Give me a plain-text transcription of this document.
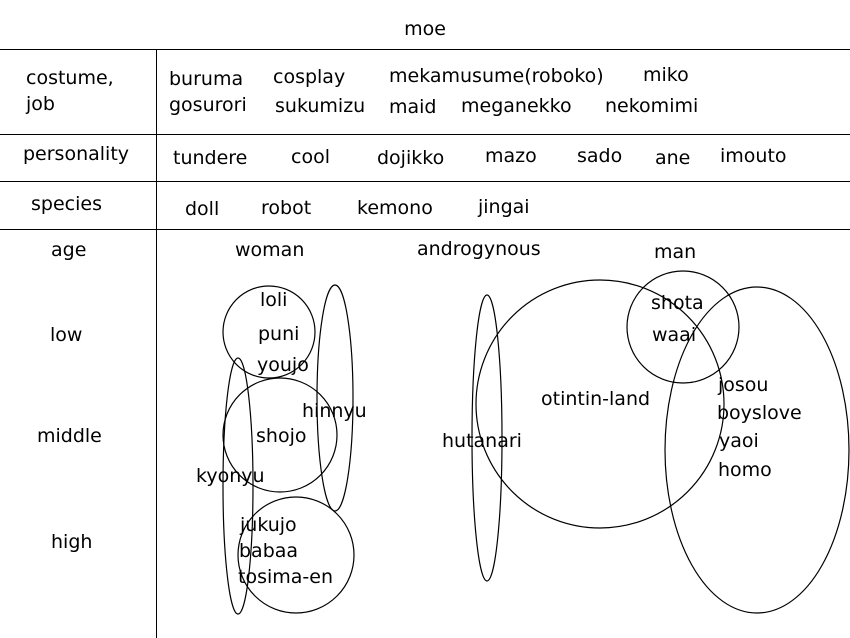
moe
costume,
job
personality
species
age
buruma cosplay mekamusume(roboko) miko
gosurori sukumizu maid meganekko nekomimi
tundere cool dojikko mazo sado ane imouto
doll robot kemono jingai
low
middle
high
woman	androgynous	man
loli
puni
youjo
hinnyu
shojo
kyonyu
jukujo
babaa
tosima-en
hutanari
otintin-land
shota
waai
josou
boyslove
yaoi
homo
